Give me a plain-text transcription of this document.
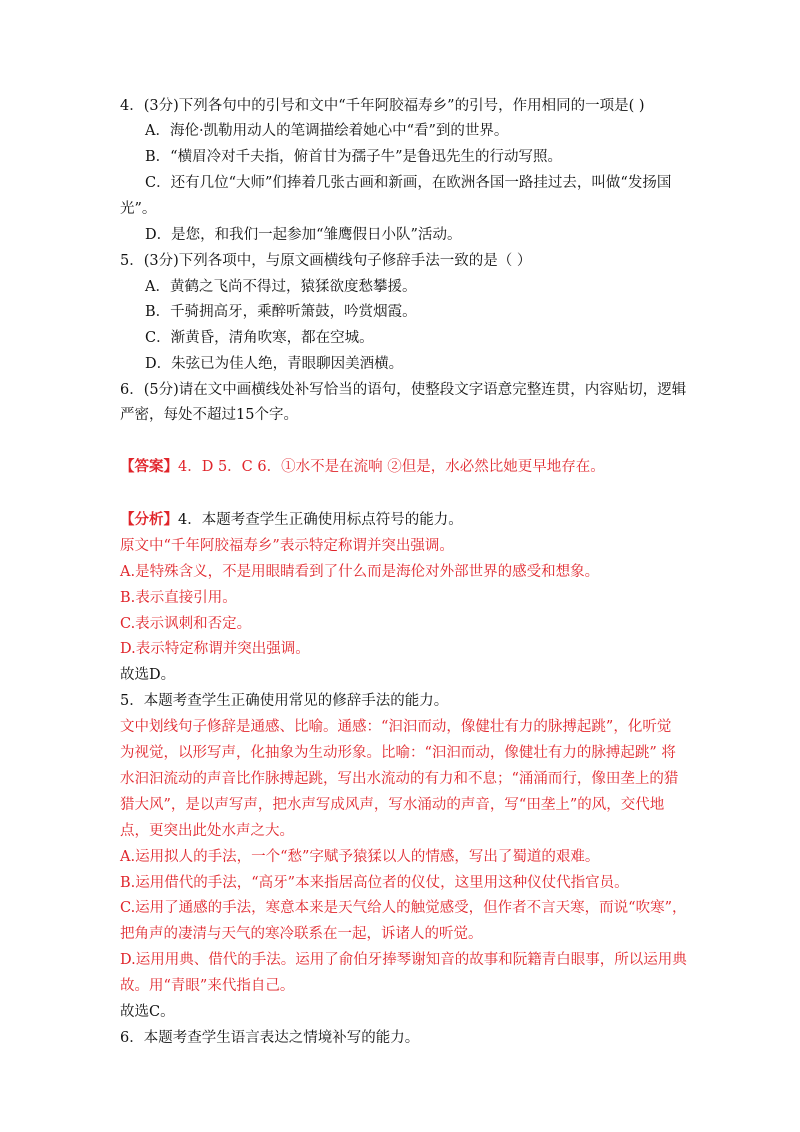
4．(3分)下列各句中的引号和文中“千年阿胶福寿乡”的引号，作用相同的一项是( )
A．海伦·凯勒用动人的笔调描绘着她心中“看”到的世界。
B．“横眉冷对千夫指，俯首甘为孺子牛”是鲁迅先生的行动写照。
C．还有几位“大师”们捧着几张古画和新画，在欧洲各国一路挂过去，叫做“发扬国
光”。
D．是您，和我们一起参加“雏鹰假日小队”活动。
5．(3分)下列各项中，与原文画横线句子修辞手法一致的是（ ）
A．黄鹤之飞尚不得过，猿猱欲度愁攀援。
B．千骑拥高牙，乘醉听箫鼓，吟赏烟霞。
C．渐黄昏，清角吹寒，都在空城。
D．朱弦已为佳人绝，青眼聊因美酒横。
6．(5分)请在文中画横线处补写恰当的语句，使整段文字语意完整连贯，内容贴切，逻辑
严密，每处不超过15个字。
【答案】4．D 5．C 6．①水不是在流响 ②但是，水必然比她更早地存在。
【分析】4．本题考查学生正确使用标点符号的能力。
原文中“千年阿胶福寿乡”表示特定称谓并突出强调。
A.是特殊含义，不是用眼睛看到了什么而是海伦对外部世界的感受和想象。
B.表示直接引用。
C.表示讽刺和否定。
D.表示特定称谓并突出强调。
故选D。
5．本题考查学生正确使用常见的修辞手法的能力。
文中划线句子修辞是通感、比喻。通感：“汩汩而动，像健壮有力的脉搏起跳”，化听觉
为视觉，以形写声，化抽象为生动形象。比喻：“汩汩而动，像健壮有力的脉搏起跳” 将
水汩汩流动的声音比作脉搏起跳，写出水流动的有力和不息；“涌涌而行，像田垄上的猎
猎大风”，是以声写声，把水声写成风声，写水涌动的声音，写“田垄上”的风，交代地
点，更突出此处水声之大。
A.运用拟人的手法，一个“愁”字赋予猿猱以人的情感，写出了蜀道的艰难。
B.运用借代的手法，“高牙”本来指居高位者的仪仗，这里用这种仪仗代指官员。
C.运用了通感的手法，寒意本来是天气给人的触觉感受，但作者不言天寒，而说“吹寒”，
把角声的凄清与天气的寒冷联系在一起，诉诸人的听觉。
D.运用用典、借代的手法。运用了俞伯牙捧琴谢知音的故事和阮籍青白眼事，所以运用典
故。用“青眼”来代指自己。
故选C。
6．本题考查学生语言表达之情境补写的能力。
